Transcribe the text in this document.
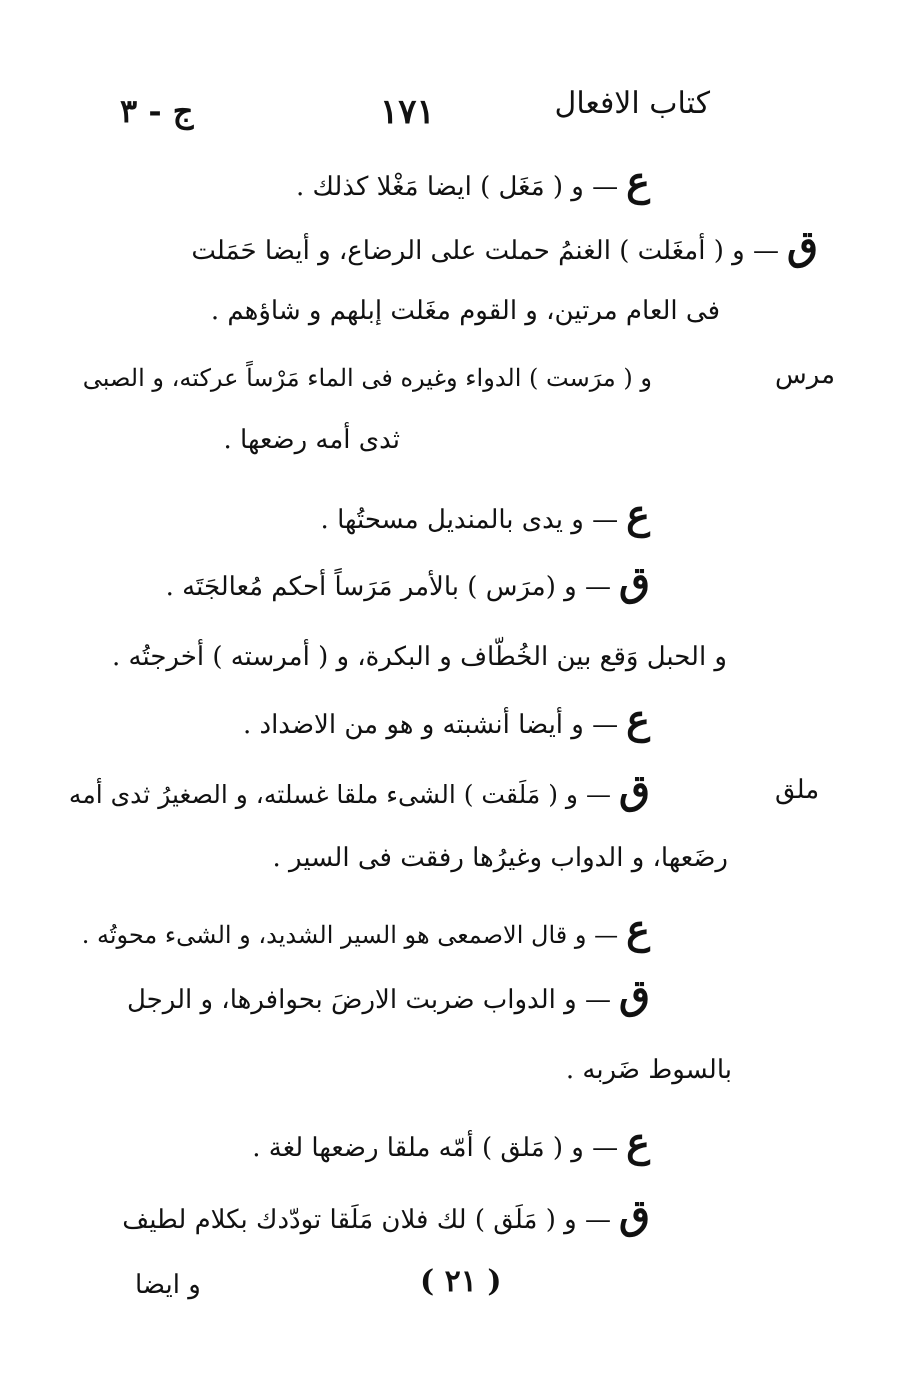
كتاب الافعال
١٧١
ج - ٣
مرس
ملق
ع— و ( مَغَل ) ايضا مَغْلا كذلك .
ق— و ( أمغَلت ) الغنمُ حملت على الرضاع، و أيضا حَمَلت
فى العام مرتين، و القوم مغَلت إبلهم و شاؤهم .
و ( مرَست ) الدواء وغيره فى الماء مَرْساً عركته، و الصبى
ثدى أمه رضعها .
ع— و يدى بالمنديل مسحتُها .
ق— و (مرَس ) بالأمر مَرَساً أحكم مُعالجَتَه .
و الحبل وَقع بين الخُطّاف و البكرة، و ( أمرسته ) أخرجتُه .
ع— و أيضا أنشبته و هو من الاضداد .
ق— و ( مَلَقت ) الشىء ملقا غسلته، و الصغيرُ ثدى أمه
رضَعها، و الدواب وغيرُها رفقت فى السير .
ع— و قال الاصمعى هو السير الشديد، و الشىء محوتُه .
ق— و الدواب ضربت الارضَ بحوافرها، و الرجل
بالسوط ضَربه .
ع— و ( مَلق ) أمّه ملقا رضعها لغة .
ق— و ( مَلَق ) لك فلان مَلَقا تودّدك بكلام لطيف
( ٢١ )
و ايضا
